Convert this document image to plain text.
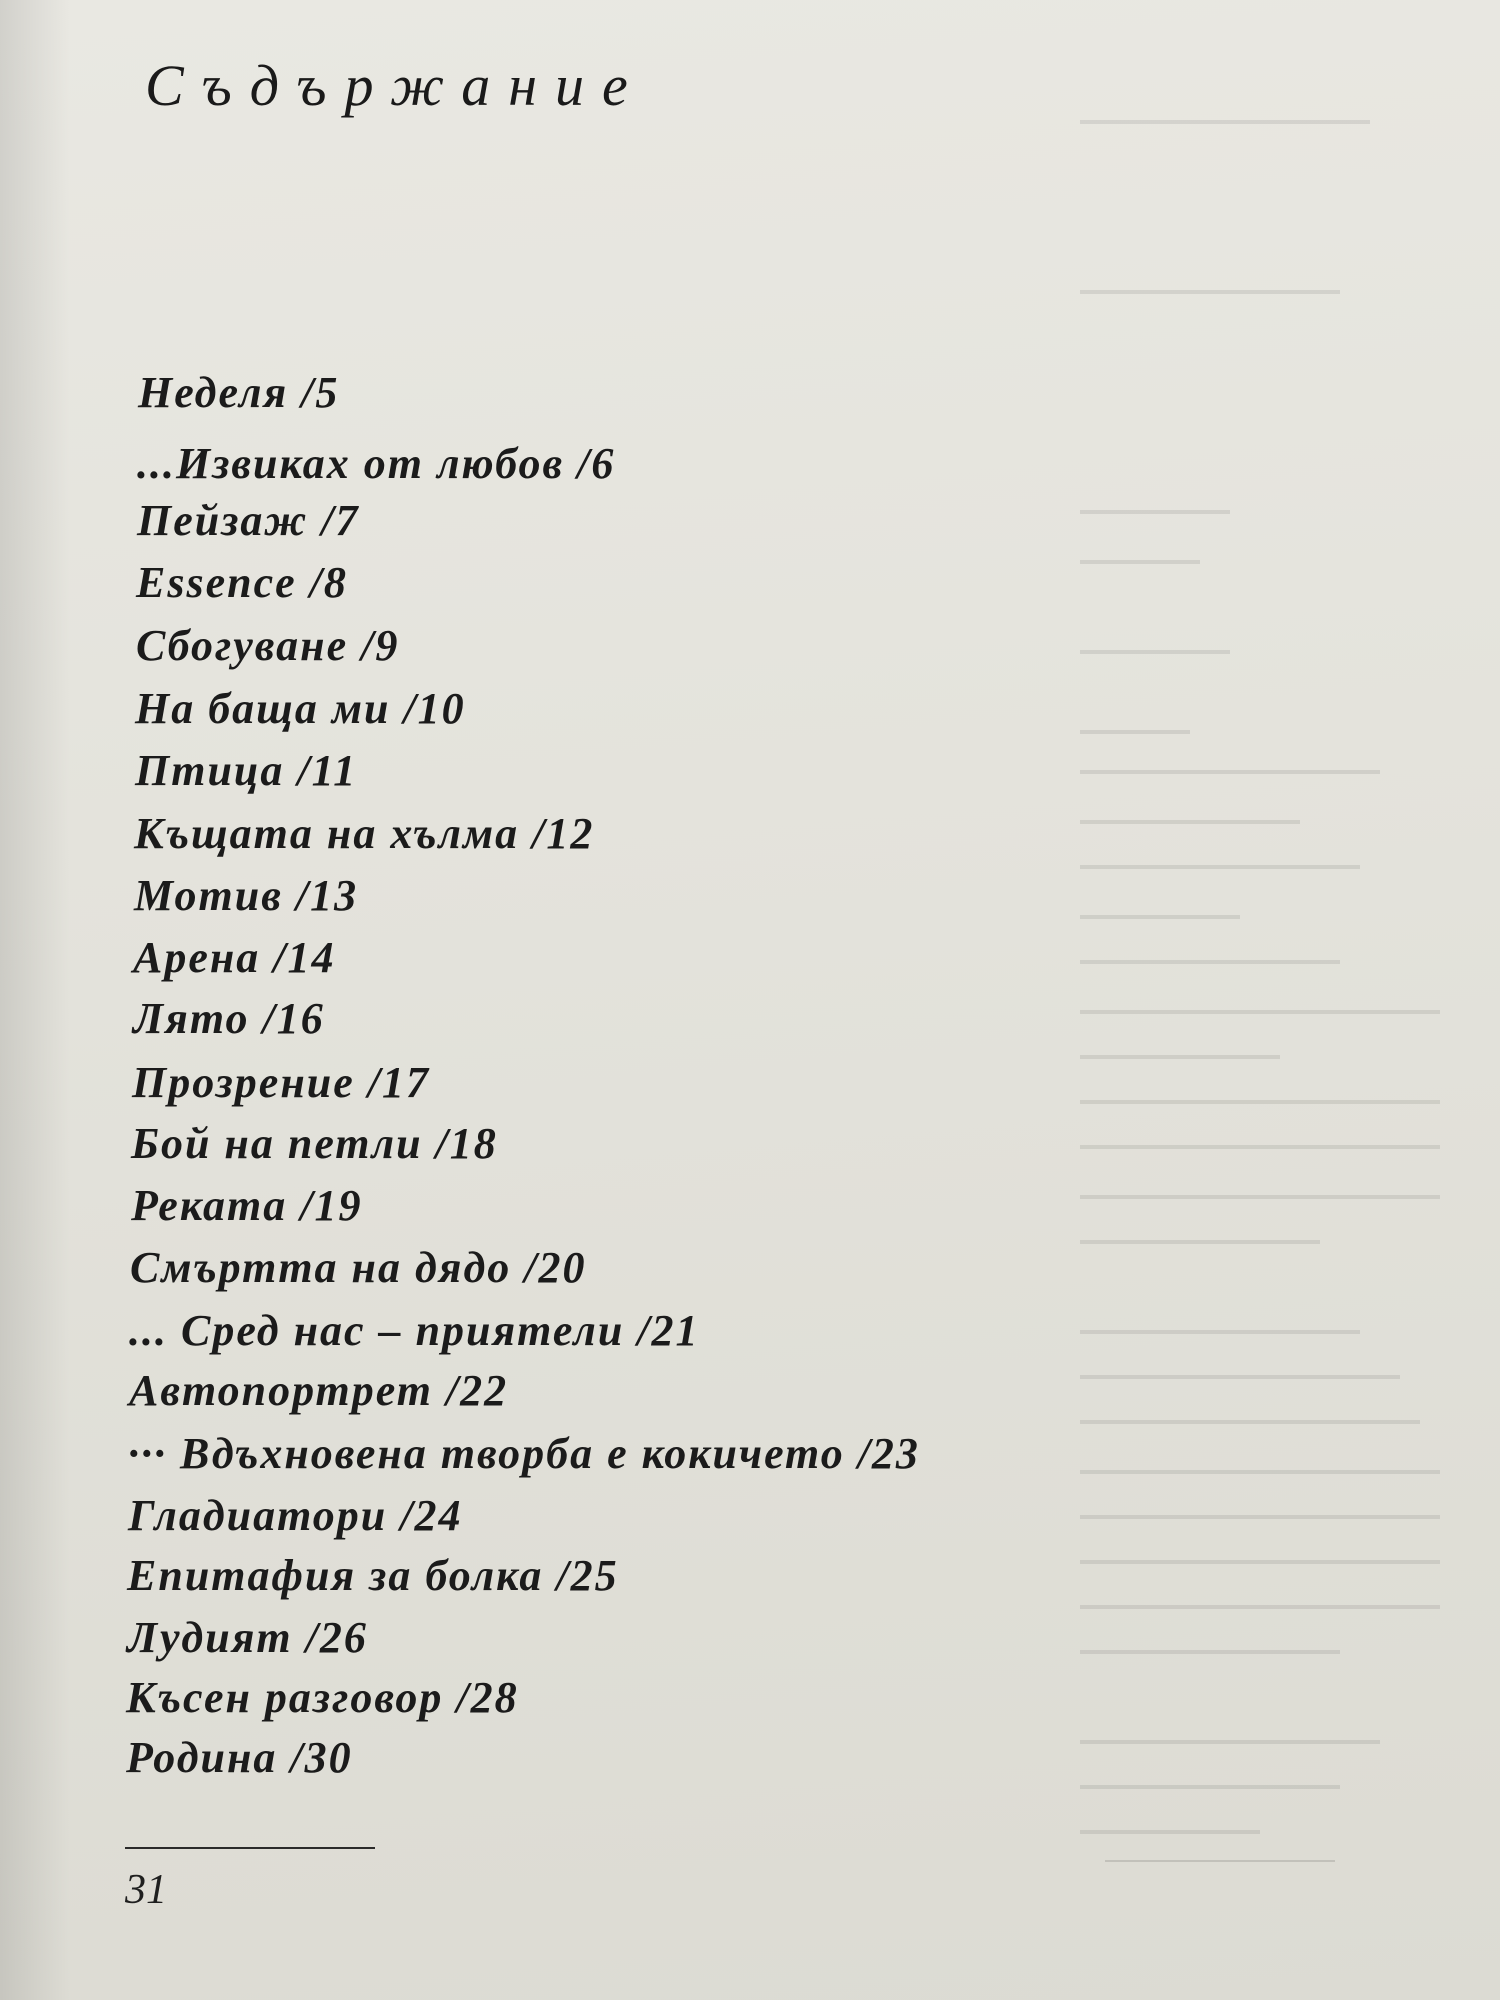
Съдържание
Неделя /5
...Извиках от любов /6
Пейзаж /7
Essence /8
Сбогуване /9
На баща ми /10
Птица /11
Къщата на хълма /12
Мотив /13
Арена /14
Лято /16
Прозрение /17
Бой на петли /18
Реката /19
Смъртта на дядо /20
... Сред нас – приятели /21
Автопортрет /22
··· Вдъхновена творба е кокичето /23
Гладиатори /24
Епитафия за болка /25
Лудият /26
Късен разговор /28
Родина /30
31
